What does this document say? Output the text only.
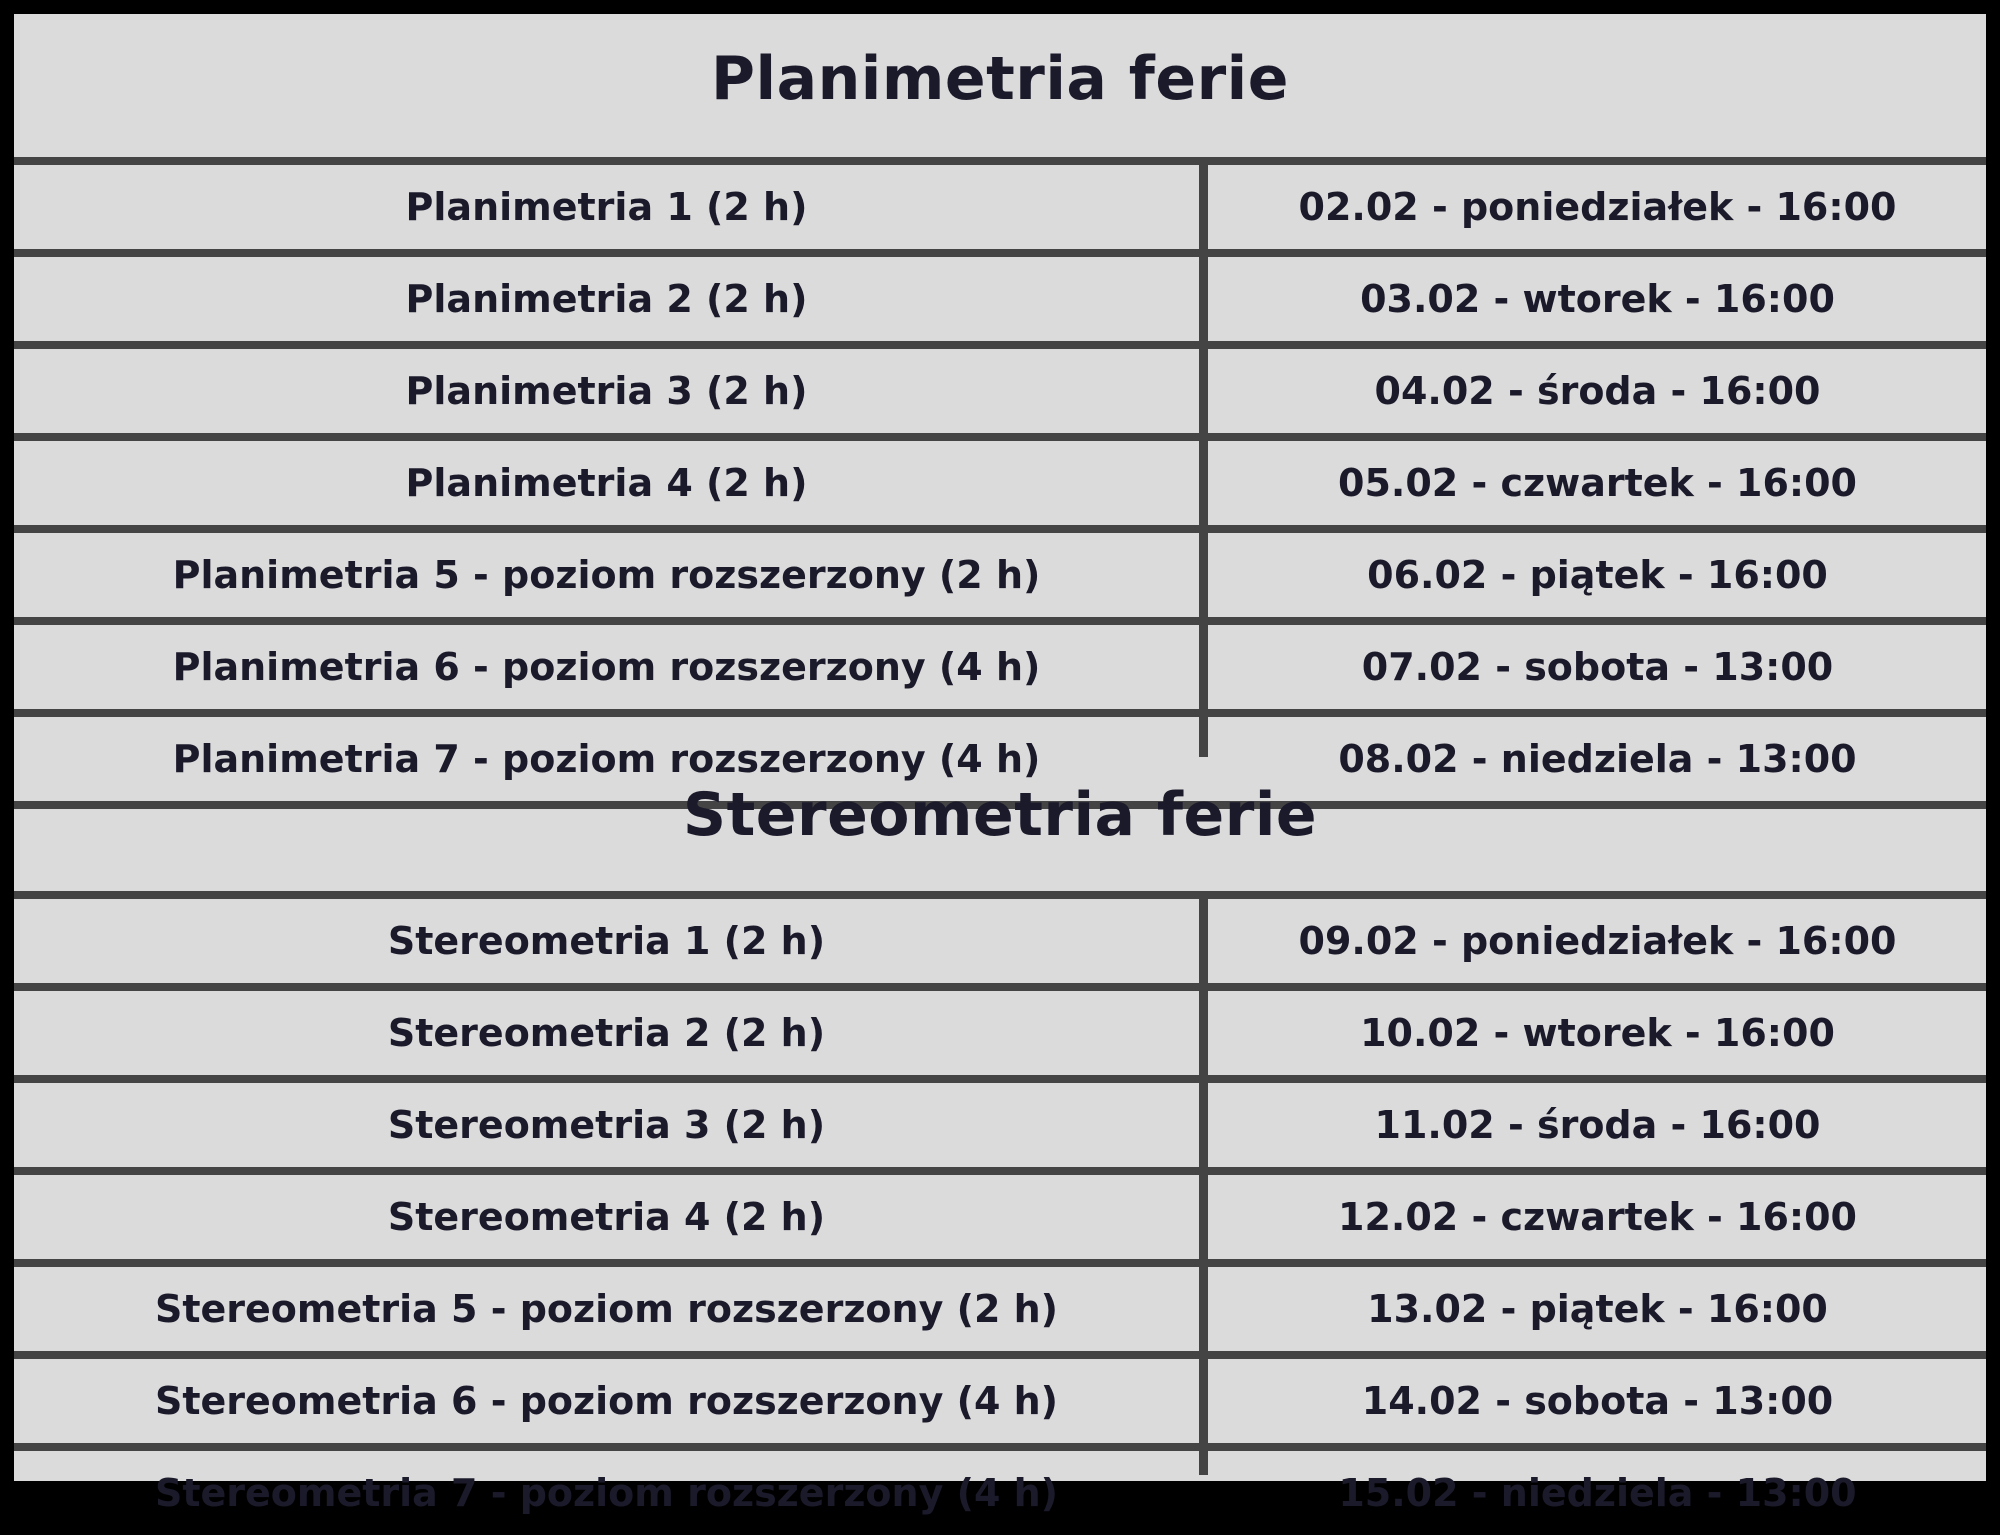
Planimetria ferie
Planimetria 1 (2 h)	02.02 - poniedziałek - 16:00
Planimetria 2 (2 h)	03.02 - wtorek - 16:00
Planimetria 3 (2 h)	04.02 - środa - 16:00
Planimetria 4 (2 h)	05.02 - czwartek - 16:00
Planimetria 5 - poziom rozszerzony (2 h)	06.02 - piątek - 16:00
Planimetria 6 - poziom rozszerzony (4 h)	07.02 - sobota - 13:00
Planimetria 7 - poziom rozszerzony (4 h)	08.02 - niedziela - 13:00
Stereometria ferie
Stereometria 1 (2 h)	09.02 - poniedziałek - 16:00
Stereometria 2 (2 h)	10.02 - wtorek - 16:00
Stereometria 3 (2 h)	11.02 - środa - 16:00
Stereometria 4 (2 h)	12.02 - czwartek - 16:00
Stereometria 5 - poziom rozszerzony (2 h)	13.02 - piątek - 16:00
Stereometria 6 - poziom rozszerzony (4 h)	14.02 - sobota - 13:00
Stereometria 7 - poziom rozszerzony (4 h)	15.02 - niedziela - 13:00
